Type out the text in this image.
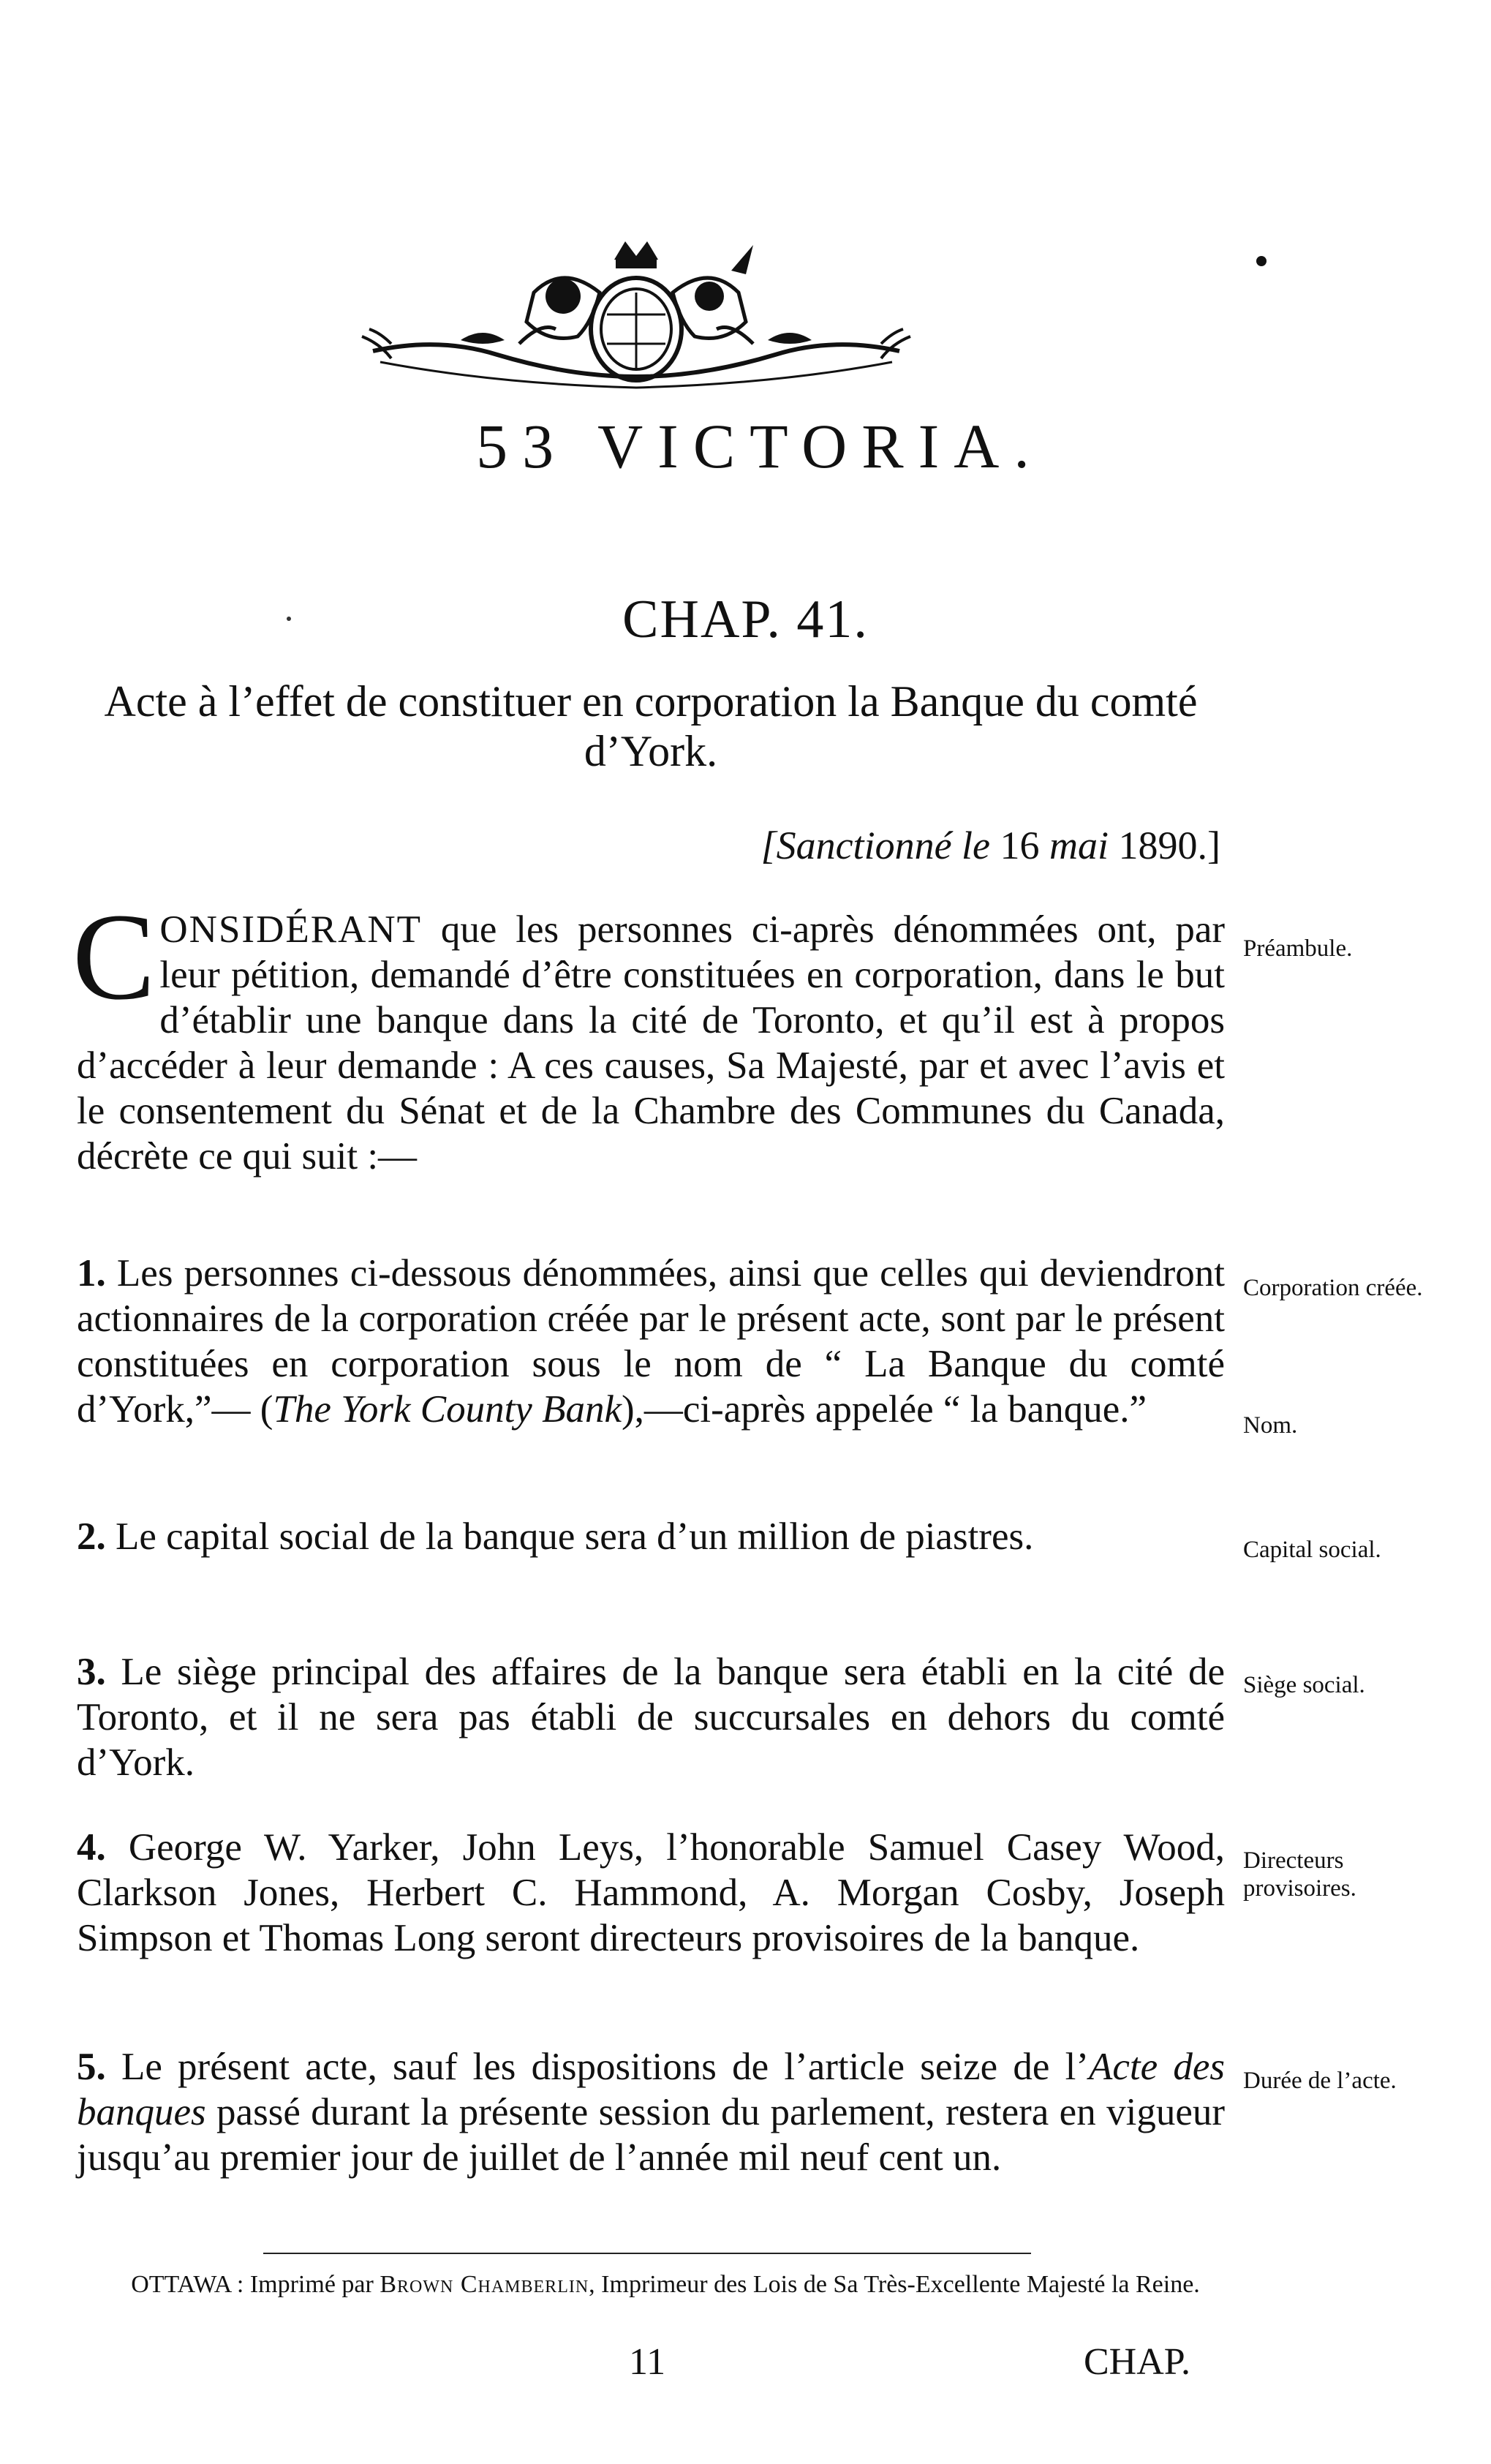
53 VICTORIA.
CHAP. 41.
Acte à l’effet de constituer en corporation la Banque du comté d’York.
[Sanctionné le 16 mai 1890.]
CONSIDÉRANT que les personnes ci-après dénommées ont, par leur pétition, demandé d’être constituées en corporation, dans le but d’établir une banque dans la cité de Toronto, et qu’il est à propos d’accéder à leur demande : A ces causes, Sa Majesté, par et avec l’avis et le consentement du Sénat et de la Chambre des Communes du Canada, décrète ce qui suit :—
Préambule.

1. Les personnes ci-dessous dénommées, ainsi que celles qui deviendront actionnaires de la corporation créée par le présent acte, sont par le présent constituées en corporation sous le nom de “ La Banque du comté d’York,”— (The York County Bank),—ci-après appelée “ la banque.”

Corporation créée.
Nom.

2. Le capital social de la banque sera d’un million de piastres.	Capital social.

3. Le siège principal des affaires de la banque sera établi en la cité de Toronto, et il ne sera pas établi de succursales en dehors du comté d’York.

Siège social.

4. George W. Yarker, John Leys, l’honorable Samuel Casey Wood, Clarkson Jones, Herbert C. Hammond, A. Morgan Cosby, Joseph Simpson et Thomas Long seront directeurs provisoires de la banque.

Directeurs provisoires.

5. Le présent acte, sauf les dispositions de l’article seize de l’Acte des banques passé durant la présente session du parlement, restera en vigueur jusqu’au premier jour de juillet de l’année mil neuf cent un.

Durée de l’acte.
OTTAWA : Imprimé par Brown Chamberlin, Imprimeur des Lois de Sa Très-Excellente Majesté la Reine.
11	CHAP.
